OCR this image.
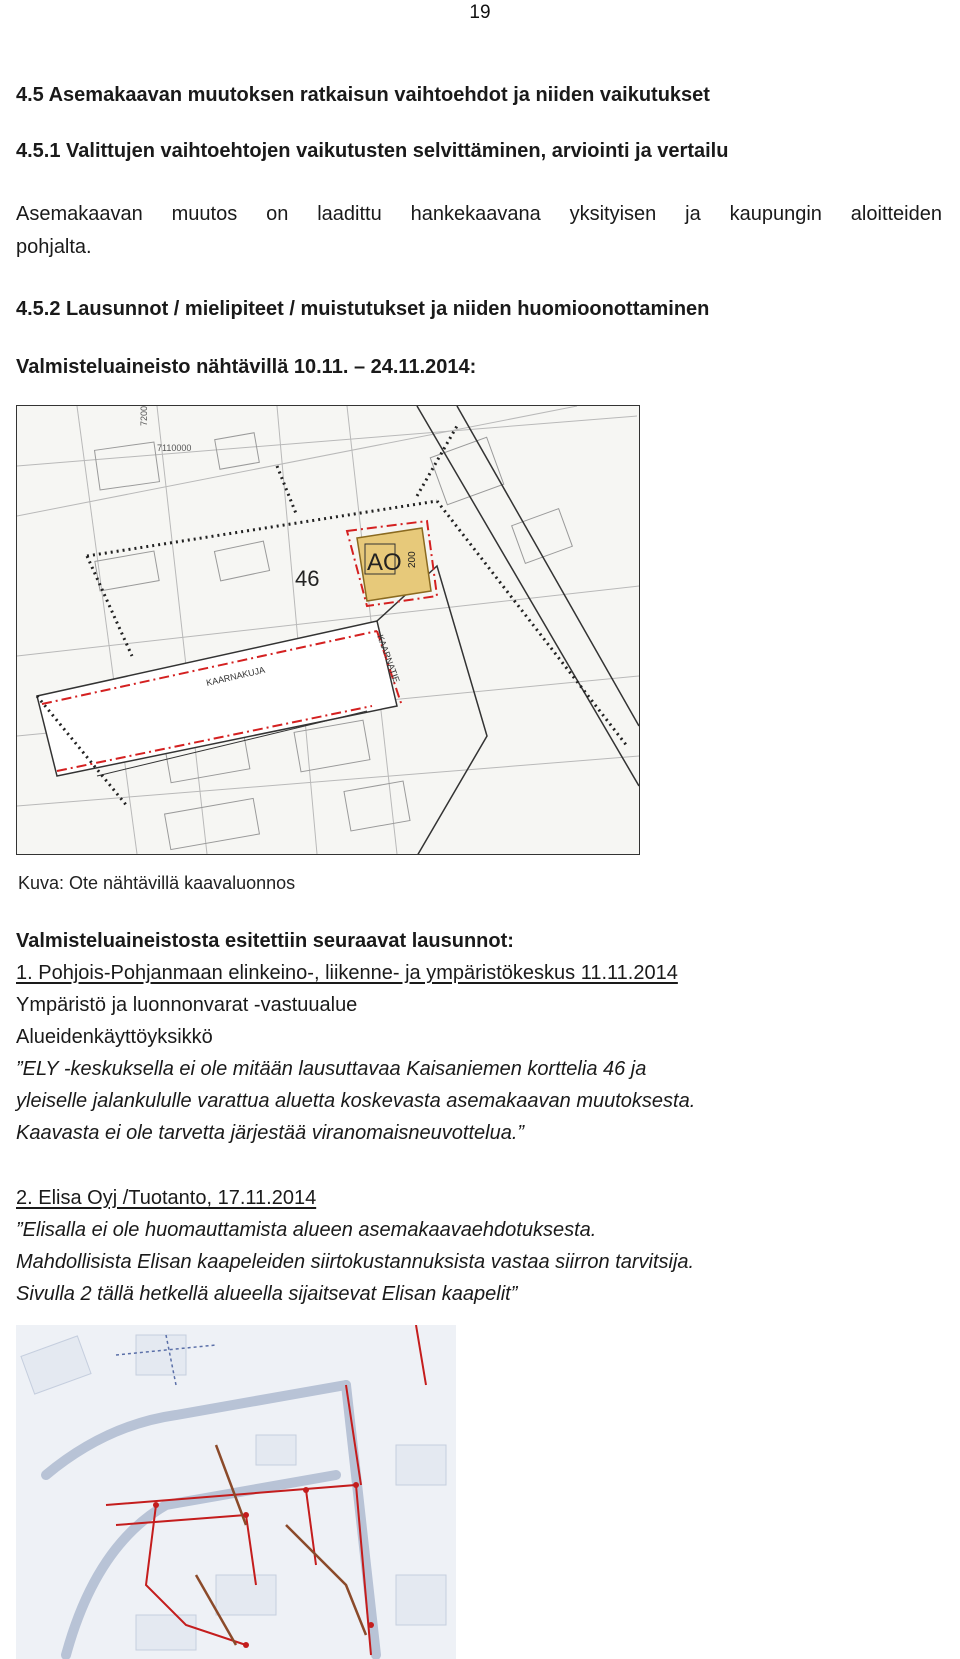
19
4.5 Asemakaavan muutoksen ratkaisun vaihtoehdot ja niiden vaikutukset
4.5.1 Valittujen vaihtoehtojen vaikutusten selvittäminen, arviointi ja vertailu
Asemakaavan muutos on laadittu hankekaavana yksityisen ja kaupungin aloitteiden
pohjalta.
4.5.2 Lausunnot / mielipiteet / muistutukset ja niiden huomioonottaminen
Valmisteluaineisto nähtävillä 10.11. – 24.11.2014:
AO 200
46
KAARNAKUJA	KAARNATIE
7200
7110000
Kuva: Ote nähtävillä kaavaluonnos
Valmisteluaineistosta esitettiin seuraavat lausunnot:
1. Pohjois-Pohjanmaan elinkeino-, liikenne- ja ympäristökeskus 11.11.2014
Ympäristö ja luonnonvarat -vastuualue
Alueidenkäyttöyksikkö
”ELY -keskuksella ei ole mitään lausuttavaa Kaisaniemen korttelia 46 ja
yleiselle jalankululle varattua aluetta koskevasta asemakaavan muutoksesta.
Kaavasta ei ole tarvetta järjestää viranomaisneuvottelua.”
2. Elisa Oyj /Tuotanto, 17.11.2014
”Elisalla ei ole huomauttamista alueen asemakaavaehdotuksesta.
Mahdollisista Elisan kaapeleiden siirtokustannuksista vastaa siirron tarvitsija.
Sivulla 2 tällä hetkellä alueella sijaitsevat Elisan kaapelit”
